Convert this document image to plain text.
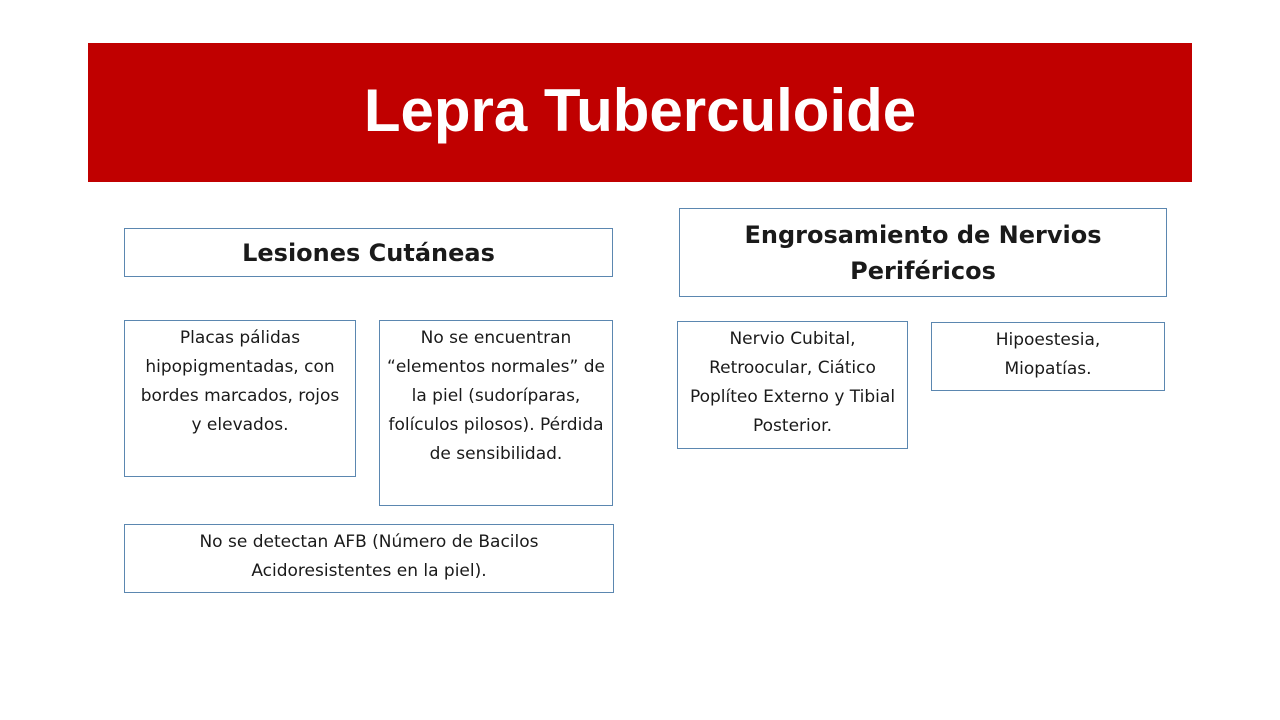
Lepra Tuberculoide
Lesiones Cutáneas
Placas pálidas hipopigmentadas, con bordes marcados, rojos y elevados.
No se encuentran “elementos normales” de la piel (sudoríparas, folículos pilosos). Pérdida de sensibilidad.
No se detectan AFB (Número de Bacilos Acidoresistentes en la piel).
Engrosamiento de Nervios Periféricos
Nervio Cubital, Retroocular, Ciático Poplíteo Externo y Tibial Posterior.
Hipoestesia, Miopatías.
